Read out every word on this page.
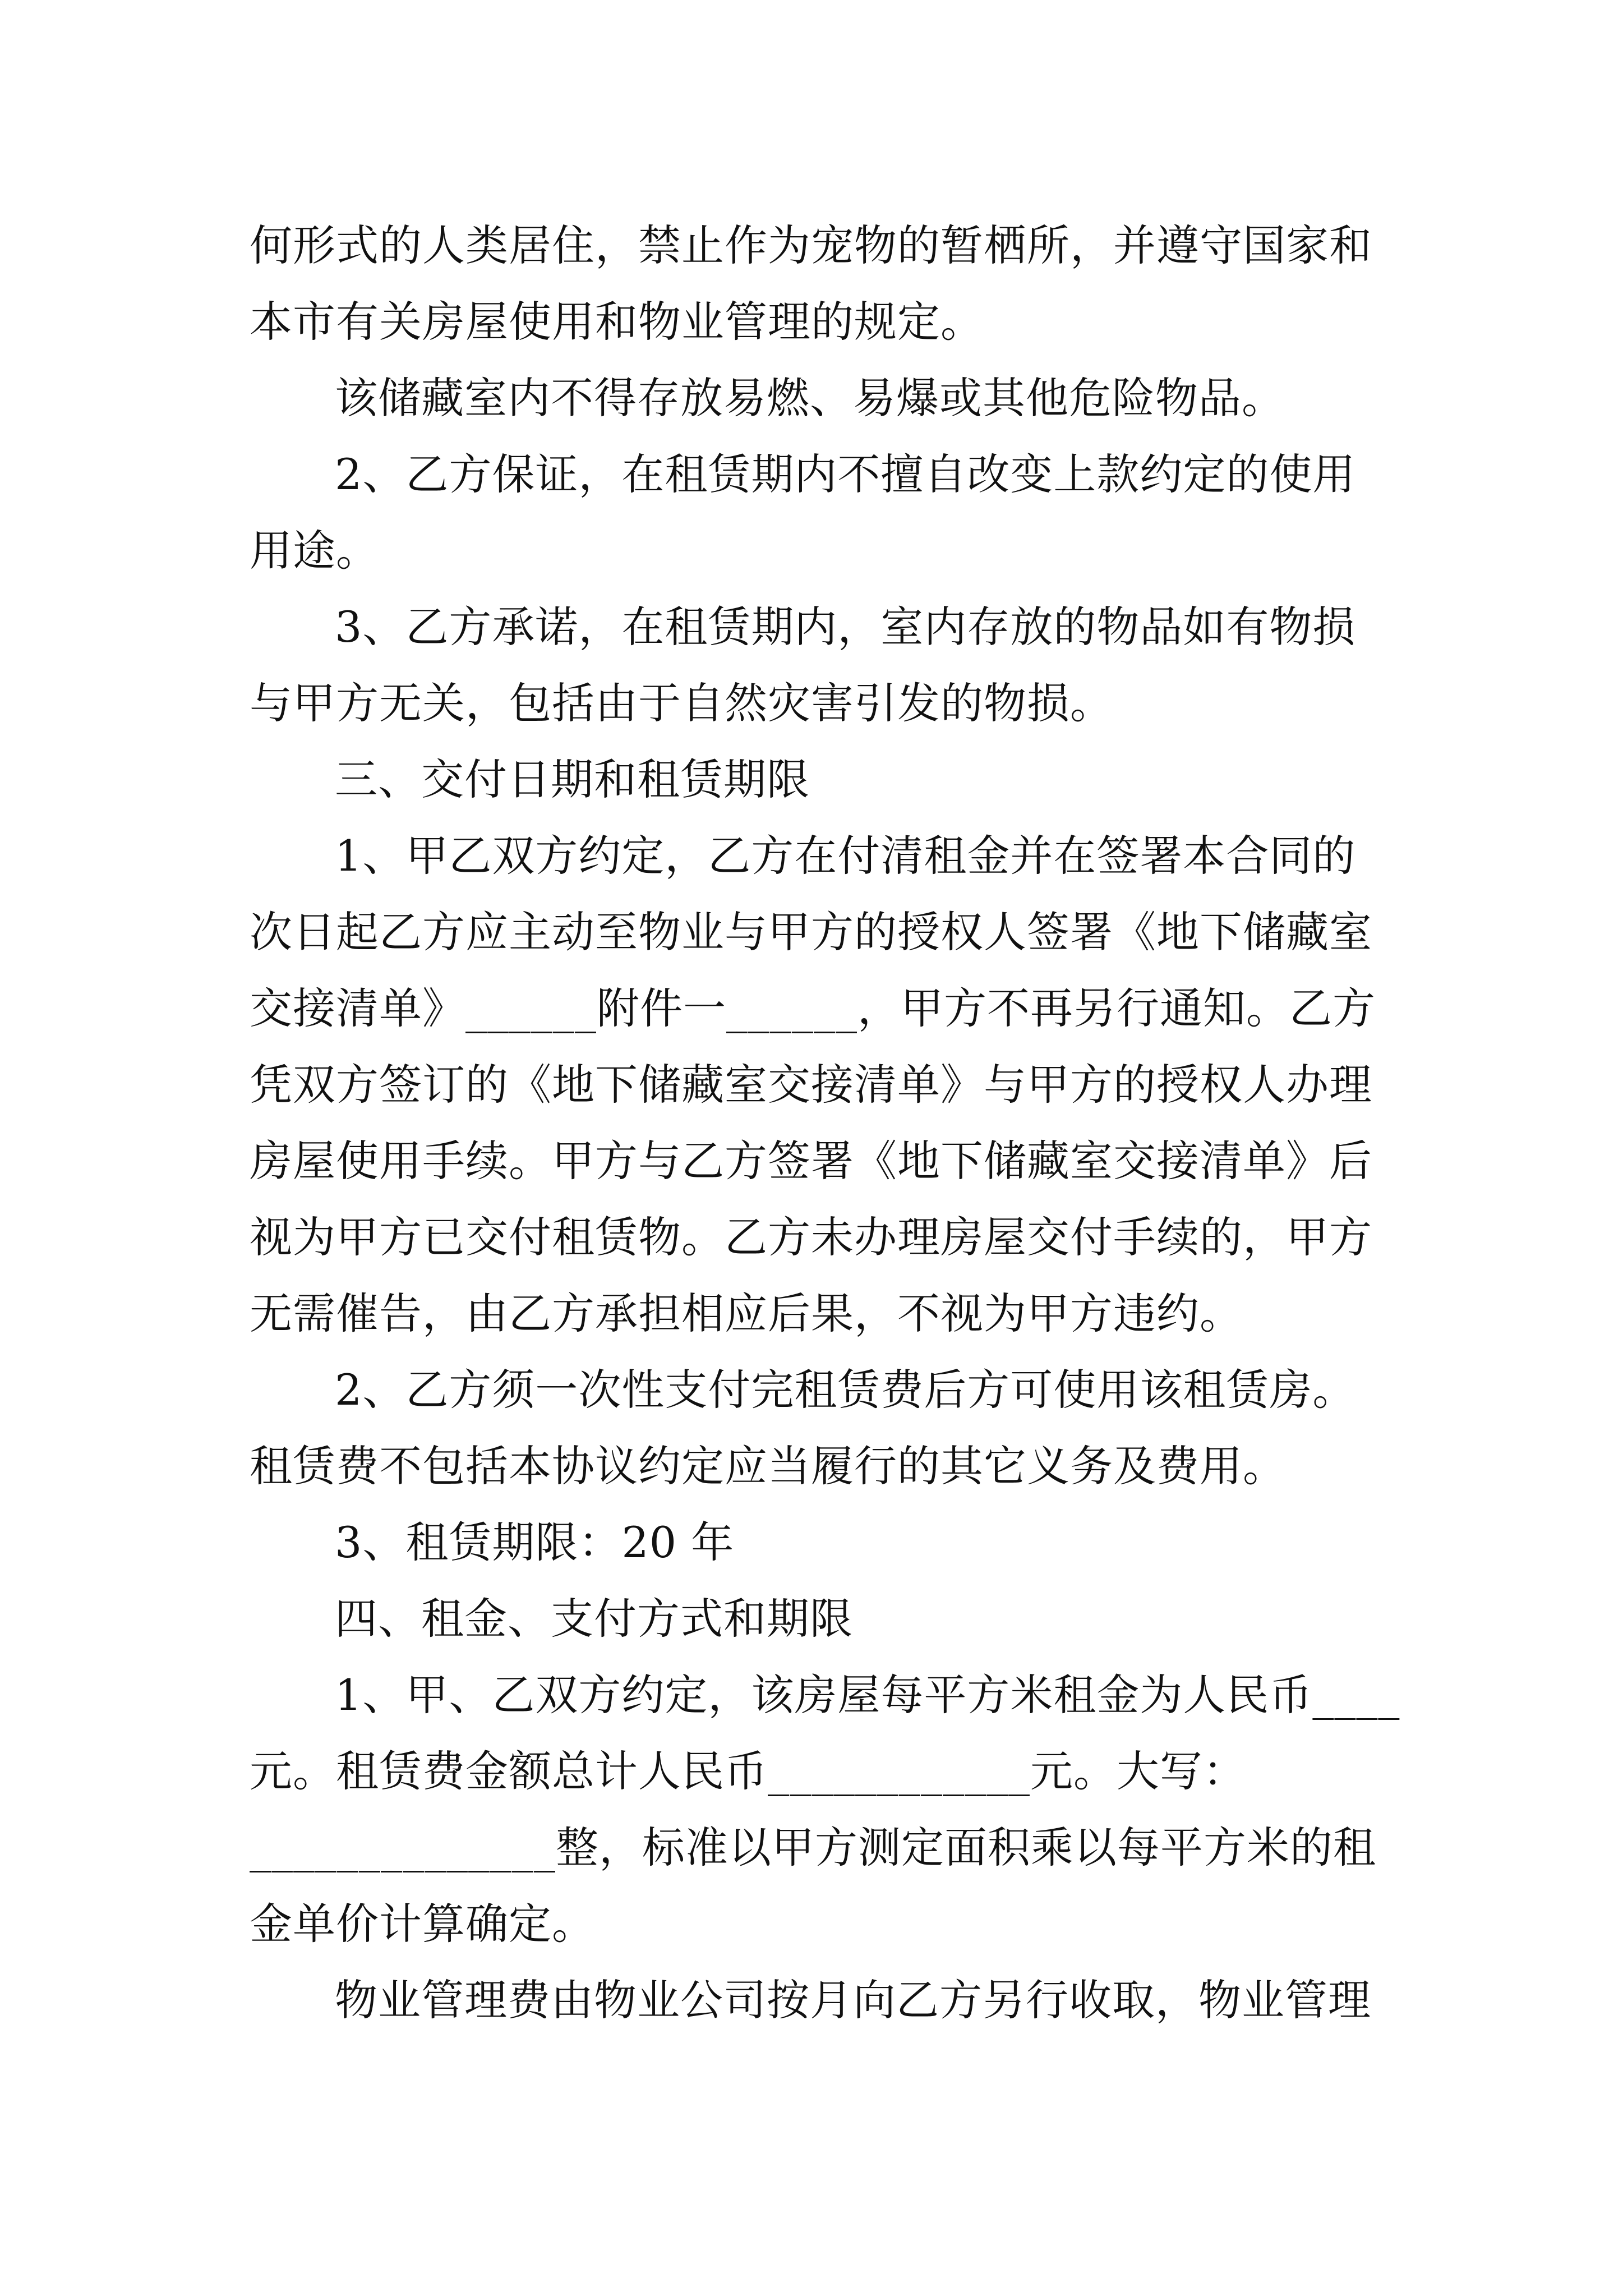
何形式的人类居住，禁止作为宠物的暂栖所，并遵守国家和
本市有关房屋使用和物业管理的规定。
该储藏室内不得存放易燃、易爆或其他危险物品。
2、乙方保证，在租赁期内不擅自改变上款约定的使用
用途。
3、乙方承诺，在租赁期内，室内存放的物品如有物损
与甲方无关，包括由于自然灾害引发的物损。
三、交付日期和租赁期限
1、甲乙双方约定，乙方在付清租金并在签署本合同的
次日起乙方应主动至物业与甲方的授权人签署《地下储藏室
交接清单》______附件一______，甲方不再另行通知。乙方
凭双方签订的《地下储藏室交接清单》与甲方的授权人办理
房屋使用手续。甲方与乙方签署《地下储藏室交接清单》后
视为甲方已交付租赁物。乙方未办理房屋交付手续的，甲方
无需催告，由乙方承担相应后果，不视为甲方违约。
2、乙方须一次性支付完租赁费后方可使用该租赁房。
租赁费不包括本协议约定应当履行的其它义务及费用。
3、租赁期限：20 年
四、租金、支付方式和期限
1、甲、乙双方约定，该房屋每平方米租金为人民币____
元。租赁费金额总计人民币____________元。大写：
______________整，标准以甲方测定面积乘以每平方米的租
金单价计算确定。
物业管理费由物业公司按月向乙方另行收取，物业管理
